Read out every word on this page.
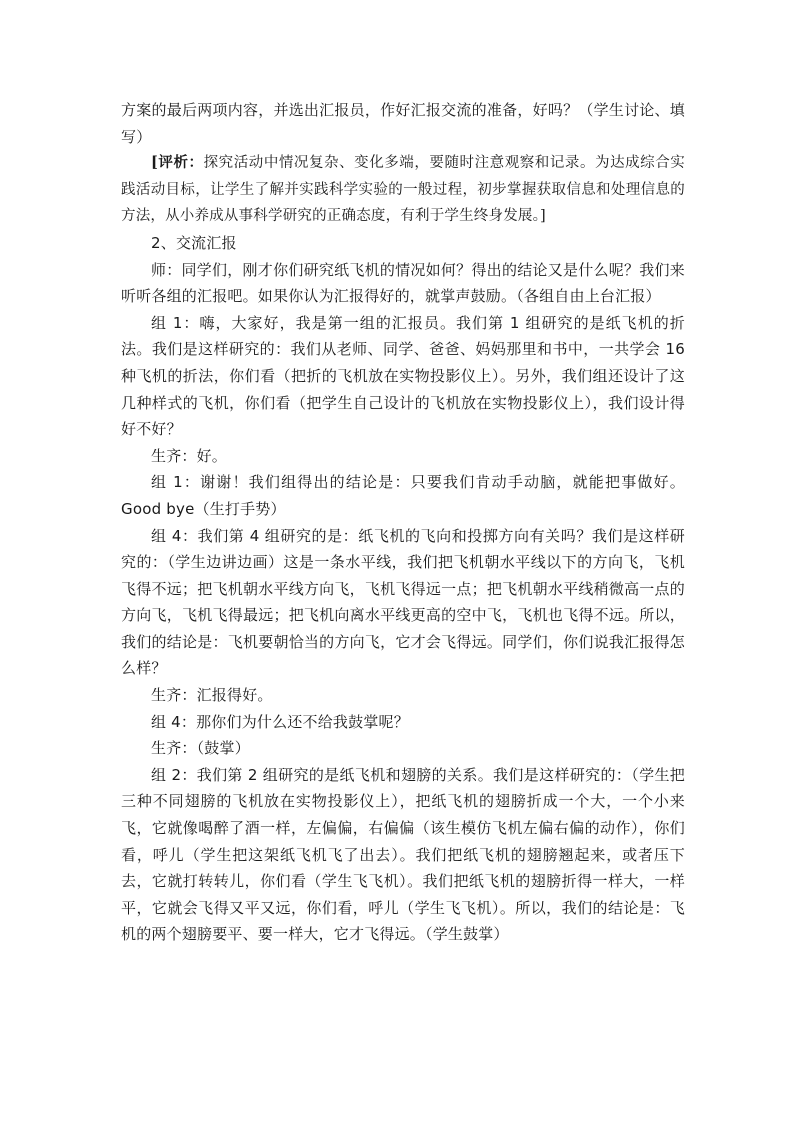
方案的最后两项内容，并选出汇报员，作好汇报交流的准备，好吗？（学生讨论、填写）

[评析：探究活动中情况复杂、变化多端，要随时注意观察和记录。为达成综合实践活动目标，让学生了解并实践科学实验的一般过程，初步掌握获取信息和处理信息的方法，从小养成从事科学研究的正确态度，有利于学生终身发展。]

2、交流汇报

师：同学们，刚才你们研究纸飞机的情况如何？得出的结论又是什么呢？我们来听听各组的汇报吧。如果你认为汇报得好的，就掌声鼓励。（各组自由上台汇报）

组 1：嗨，大家好，我是第一组的汇报员。我们第 1 组研究的是纸飞机的折法。我们是这样研究的：我们从老师、同学、爸爸、妈妈那里和书中，一共学会 16 种飞机的折法，你们看（把折的飞机放在实物投影仪上）。另外，我们组还设计了这几种样式的飞机，你们看（把学生自己设计的飞机放在实物投影仪上），我们设计得好不好？

生齐：好。

组 1：谢谢！我们组得出的结论是：只要我们肯动手动脑，就能把事做好。Good bye（生打手势）

组 4：我们第 4 组研究的是：纸飞机的飞向和投掷方向有关吗？我们是这样研究的：（学生边讲边画）这是一条水平线，我们把飞机朝水平线以下的方向飞，飞机飞得不远；把飞机朝水平线方向飞，飞机飞得远一点；把飞机朝水平线稍微高一点的方向飞，飞机飞得最远；把飞机向离水平线更高的空中飞，飞机也飞得不远。所以，我们的结论是：飞机要朝恰当的方向飞，它才会飞得远。同学们，你们说我汇报得怎么样？

生齐：汇报得好。

组 4：那你们为什么还不给我鼓掌呢？

生齐：（鼓掌）

组 2：我们第 2 组研究的是纸飞机和翅膀的关系。我们是这样研究的：（学生把三种不同翅膀的飞机放在实物投影仪上），把纸飞机的翅膀折成一个大，一个小来飞，它就像喝醉了酒一样，左偏偏，右偏偏（该生模仿飞机左偏右偏的动作），你们看，呼儿（学生把这架纸飞机飞了出去）。我们把纸飞机的翅膀翘起来，或者压下去，它就打转转儿，你们看（学生飞飞机）。我们把纸飞机的翅膀折得一样大，一样平，它就会飞得又平又远，你们看，呼儿（学生飞飞机）。所以，我们的结论是：飞机的两个翅膀要平、要一样大，它才飞得远。（学生鼓掌）
